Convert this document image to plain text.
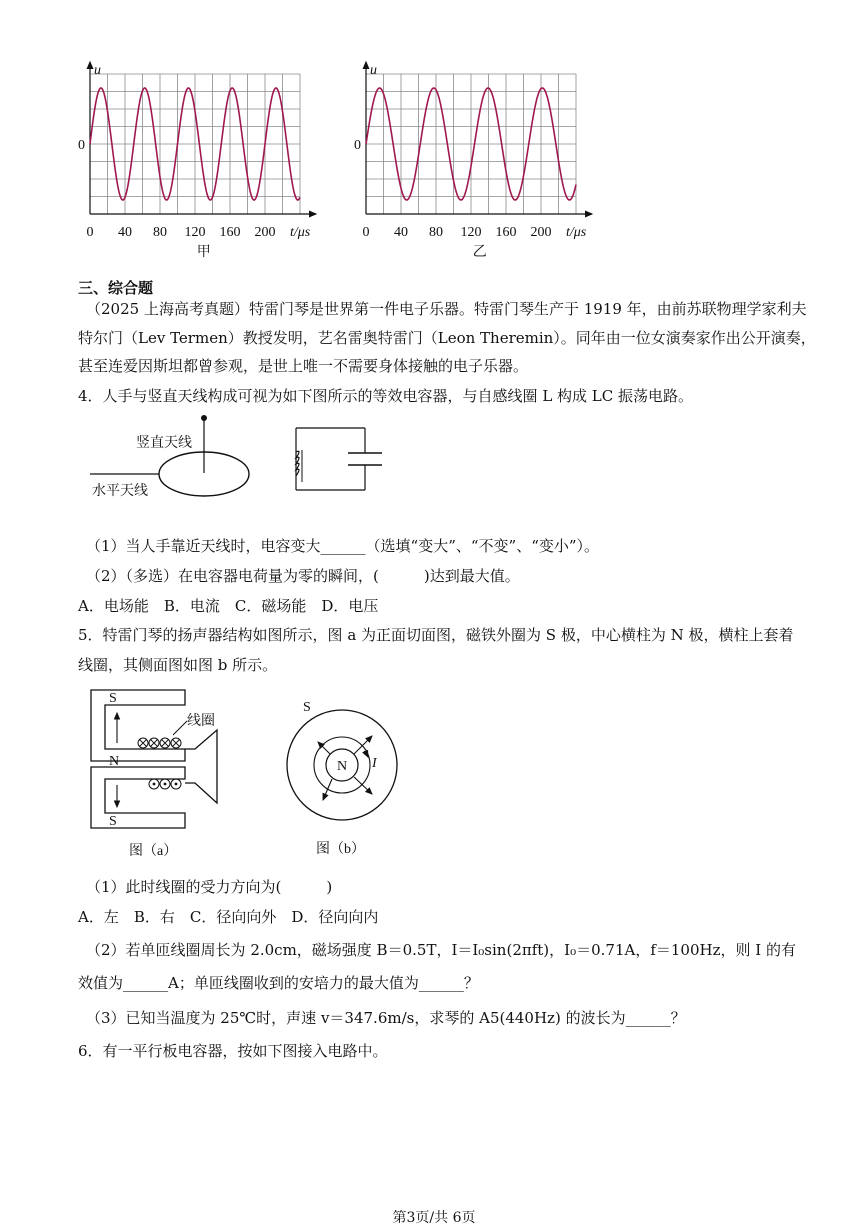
u
0
t/μs
0 40 80 120 160 200
甲
u
0
t/μs
0 40 80 120 160 200
乙
三、综合题
（2025 上海高考真题）特雷门琴是世界第一件电子乐器。特雷门琴生产于 1919 年，由前苏联物理学家利夫
特尔门（Lev Termen）教授发明，艺名雷奥特雷门（Leon Theremin）。同年由一位女演奏家作出公开演奏，
甚至连爱因斯坦都曾参观，是世上唯一不需要身体接触的电子乐器。
4．人手与竖直天线构成可视为如下图所示的等效电容器，与自感线圈 L 构成 LC 振荡电路。
竖直天线
水平天线
（1）当人手靠近天线时，电容变大______（选填“变大”、“不变”、“变小”）。
（2）（多选）在电容器电荷量为零的瞬间，(　　　)达到最大值。
A．电场能　B．电流　C．磁场能　D．电压
5．特雷门琴的扬声器结构如图所示，图 a 为正面切面图，磁铁外圈为 S 极，中心横柱为 N 极，横柱上套着
线圈，其侧面图如图 b 所示。
S
N
S
线圈
图（a）
N
S
I
图（b）
（1）此时线圈的受力方向为(　　　)
A．左　B．右　C．径向向外　D．径向向内
（2）若单匝线圈周长为 2.0cm，磁场强度 B＝0.5T，I＝I₀sin(2πft)，I₀＝0.71A，f＝100Hz，则 I 的有
效值为______A；单匝线圈收到的安培力的最大值为______？
（3）已知当温度为 25℃时，声速 v＝347.6m/s，求琴的 A5(440Hz) 的波长为______？
6．有一平行板电容器，按如下图接入电路中。
第3页/共 6页
